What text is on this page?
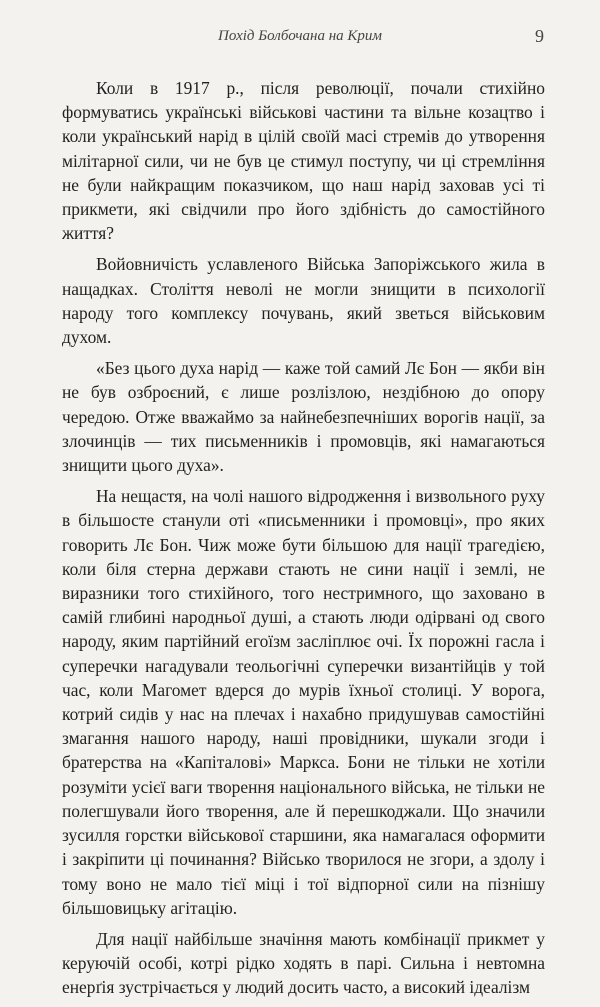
Похід Болбочана на Крим	9

Коли в 1917 р., після революції, почали стихійно формуватись українські військові частини та вільне козацтво і коли український нарід в цілій своїй масі стремів до утворення мілітарної сили, чи не був це стимул поступу, чи ці стремління не були найкращим показчиком, що наш нарід заховав усі ті прикмети, які свідчили про його здібність до самостійного життя?

Войовничість уславленого Війська Запоріжського жила в нащадках. Століття неволі не могли знищити в психології народу того комплексу почувань, який зветься військовим духом.

«Без цього духа нарід — каже той самий Лє Бон — якби він не був озброєний, є лише розлізлою, нездібною до опору чередою. Отже вважаймо за найнебезпечніших ворогів нації, за злочинців — тих письменників і промовців, які намагаються знищити цього духа».

На нещастя, на чолі нашого відродження і визвольного руху в більшосте станули оті «письменники і промовці», про яких говорить Лє Бон. Чиж може бути більшою для нації трагедією, коли біля стерна держави стають не сини нації і землі, не виразники того стихійного, того нестримного, що заховано в самій глибині народньої душі, а стають люди одірвані од свого народу, яким партійний егоїзм засліплює очі. Їх порожні гасла і суперечки нагадували теольогічні суперечки византійців у той час, коли Магомет вдерся до мурів їхньої столиці. У ворога, котрий сидів у нас на плечах і нахабно придушував самостійні змагання нашого народу, наші провідники, шукали згоди і братерства на «Капіталові» Маркса. Бони не тільки не хотіли розуміти усієї ваги творення національного війська, не тільки не полегшували його творення, але й перешкоджали. Що значили зусилля горстки військової старшини, яка намагалася оформити і закріпити ці починання? Військо творилося не згори, а здолу і тому воно не мало тієї міці і тої відпорної сили на пізнішу більшовицьку агітацію.

Для нації найбільше значіння мають комбінації прикмет у керуючій особі, котрі рідко ходять в парі. Сильна і невтомна енерґія зустрічається у людий досить часто, а високий ідеалізм
